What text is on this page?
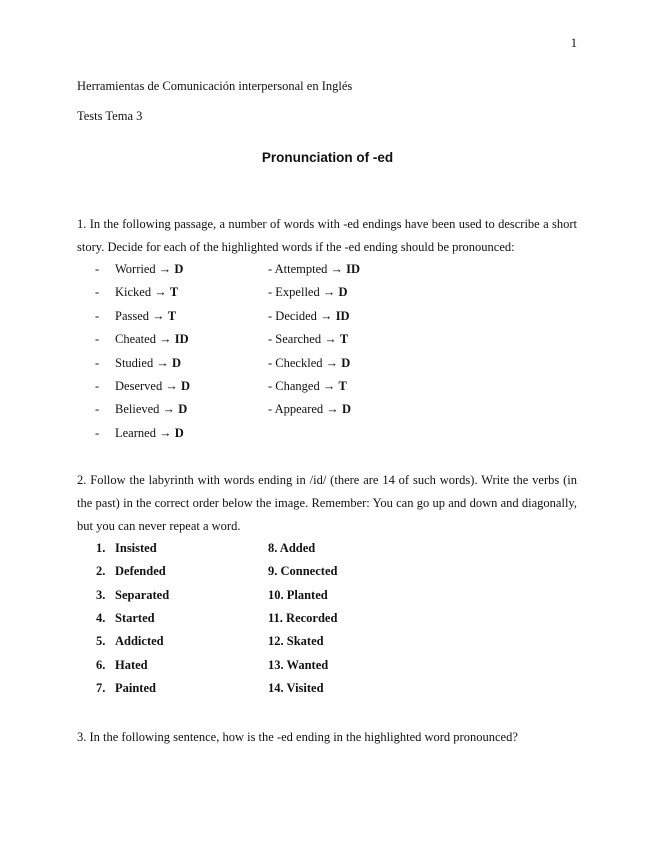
1
Herramientas de Comunicación interpersonal en Inglés
Tests Tema 3
Pronunciation of -ed
1. In the following passage, a number of words with -ed endings have been used to describe a short story. Decide for each of the highlighted words if the -ed ending should be pronounced:
- Worried → D	- Attempted → ID
- Kicked → T	- Expelled → D
- Passed → T	- Decided → ID
- Cheated → ID	- Searched → T
- Studied → D	- Checkled → D
- Deserved → D	- Changed → T
- Believed → D	- Appeared → D
- Learned → D
2. Follow the labyrinth with words ending in /id/ (there are 14 of such words). Write the verbs (in the past) in the correct order below the image. Remember: You can go up and down and diagonally, but you can never repeat a word.
1. Insisted	8. Added
2. Defended	9. Connected
3. Separated	10. Planted
4. Started	11. Recorded
5. Addicted	12. Skated
6. Hated	13. Wanted
7. Painted	14. Visited
3. In the following sentence, how is the -ed ending in the highlighted word pronounced?
